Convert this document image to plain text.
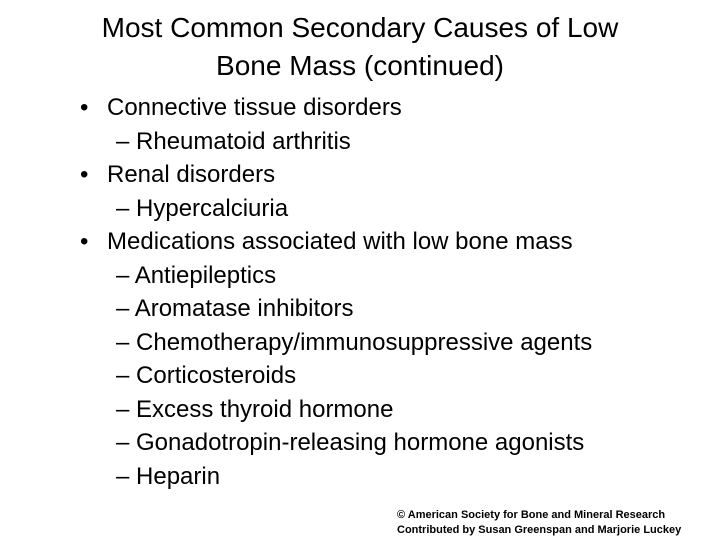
Most Common Secondary Causes of Low
Bone Mass (continued)
• Connective tissue disorders
– Rheumatoid arthritis
• Renal disorders
– Hypercalciuria
• Medications associated with low bone mass
– Antiepileptics
– Aromatase inhibitors
– Chemotherapy/immunosuppressive agents
– Corticosteroids
– Excess thyroid hormone
– Gonadotropin-releasing hormone agonists
– Heparin
© American Society for Bone and Mineral Research
Contributed by Susan Greenspan and Marjorie Luckey
